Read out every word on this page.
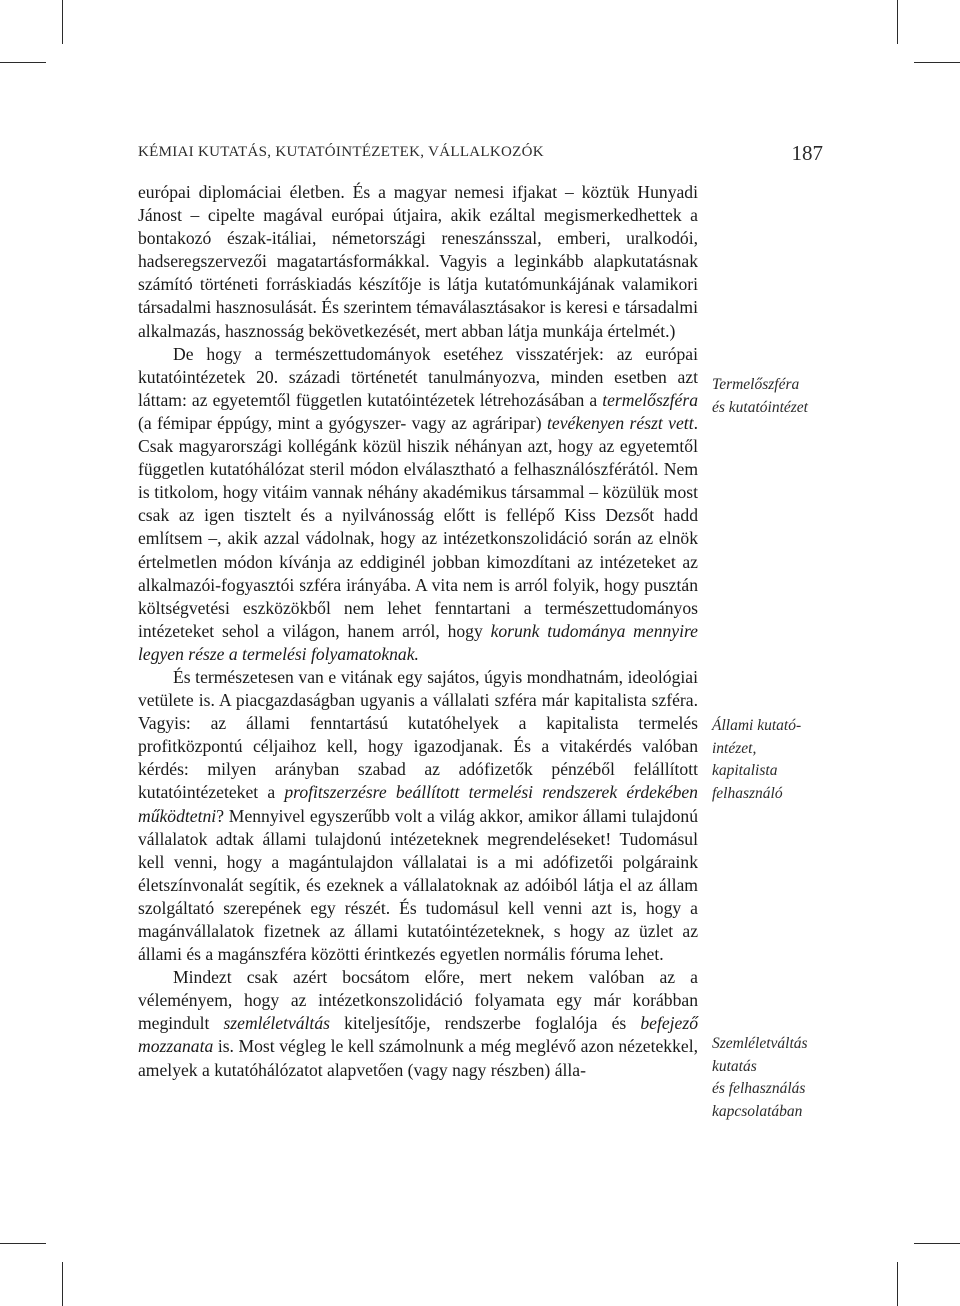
KÉMIAI KUTATÁS, KUTATÓINTÉZETEK, VÁLLALKOZÓK	187

európai diplomáciai életben. És a magyar nemesi ifjakat – köztük Hunyadi Jánost – cipelte magával európai útjaira, akik ezáltal megismerkedhettek a bontakozó észak-itáliai, németországi reneszánsszal, emberi, uralkodói, hadseregszervezői magatartásformákkal. Vagyis a leginkább alapkutatásnak számító történeti forráskiadás készítője is látja kutatómunkájának valamikori társadalmi hasznosulását. És szerintem témaválasztásakor is keresi e társadalmi alkalmazás, hasznosság bekövetkezését, mert abban látja munkája értelmét.)

De hogy a természettudományok esetéhez visszatérjek: az európai kutatóintézetek 20. századi történetét tanulmányozva, minden esetben azt láttam: az egyetemtől független kutatóintézetek létrehozásában a termelőszféra (a fémipar éppúgy, mint a gyógyszer- vagy az agráripar) tevékenyen részt vett. Csak magyarországi kollégánk közül hiszik néhányan azt, hogy az egyetemtől független kutatóhálózat steril módon elválasztható a felhasználószférától. Nem is titkolom, hogy vitáim vannak néhány akadémikus társammal – közülük most csak az igen tisztelt és a nyilvánosság előtt is fellépő Kiss Dezsőt hadd említsem –, akik azzal vádolnak, hogy az intézetkonszolidáció során az elnök értelmetlen módon kívánja az eddiginél jobban kimozdítani az intézeteket az alkalmazói-fogyasztói szféra irányába. A vita nem is arról folyik, hogy pusztán költségvetési eszközökből nem lehet fenntartani a természettudományos intézeteket sehol a világon, hanem arról, hogy korunk tudománya mennyire legyen része a termelési folyamatoknak.

És természetesen van e vitának egy sajátos, úgyis mondhatnám, ideológiai vetülete is. A piacgazdaságban ugyanis a vállalati szféra már kapitalista szféra. Vagyis: az állami fenntartású kutatóhelyek a kapitalista termelés profitközpontú céljaihoz kell, hogy igazodjanak. És a vitakérdés valóban kérdés: milyen arányban szabad az adófizetők pénzéből felállított kutatóintézeteket a profitszerzésre beállított termelési rendszerek érdekében működtetni? Mennyivel egyszerűbb volt a világ akkor, amikor állami tulajdonú vállalatok adtak állami tulajdonú intézeteknek megrendeléseket! Tudomásul kell venni, hogy a magántulajdon vállalatai is a mi adófizetői polgáraink életszínvonalát segítik, és ezeknek a vállalatoknak az adóiból látja el az állam szolgáltató szerepének egy részét. És tudomásul kell venni azt is, hogy a magánvállalatok fizetnek az állami kutatóintézeteknek, s hogy az üzlet az állami és a magánszféra közötti érintkezés egyetlen normális fóruma lehet.

Mindezt csak azért bocsátom előre, mert nekem valóban az a véleményem, hogy az intézetkonszolidáció folyamata egy már korábban megindult szemléletváltás kiteljesítője, rendszerbe foglalója és befejező mozzanata is. Most végleg le kell számolnunk a még meglévő azon nézetekkel, amelyek a kutatóhálózatot alapvetően (vagy nagy részben) álla-

Termelőszféra
és kutatóintézet
Állami kutató-
intézet,
kapitalista
felhasználó
Szemléletváltás
kutatás
és felhasználás
kapcsolatában
